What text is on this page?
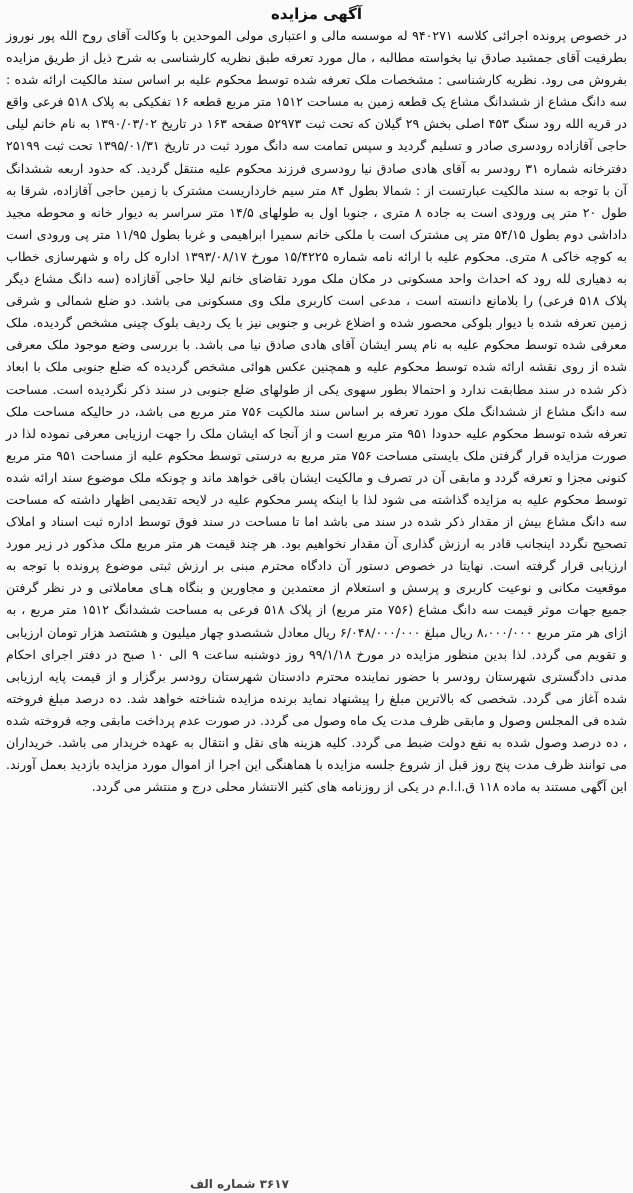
آگهی مزایده

در خصوص پرونده اجرائی کلاسه ۹۴۰۲۷۱ له موسسه مالی و اعتباری مولی الموحدین با وکالت آقای روح الله پور نوروز بطرفیت آقای جمشید صادق نیا بخواسته مطالبه ، مال مورد تعرفه طبق نظریه کارشناسی به شرح ذیل از طریق مزایده بفروش می رود. نظریه کارشناسی : مشخصات ملک تعرفه شده توسط محکوم علیه بر اساس سند مالکیت ارائه شده : سه دانگ مشاع از ششدانگ مشاع یک قطعه زمین به مساحت ۱۵۱۲ متر مربع قطعه ۱۶ تفکیکی به پلاک ۵۱۸ فرعی واقع در قریه الله رود سنگ ۴۵۳ اصلی بخش ۲۹ گیلان که تحت ثبت ۵۲۹۷۳ صفحه ۱۶۳ در تاریخ ۱۳۹۰/۰۳/۰۲ به نام خانم لیلی حاجی آقازاده رودسری صادر و تسلیم گردید و سپس تمامت سه دانگ مورد ثبت در تاریخ ۱۳۹۵/۰۱/۳۱ تحت ثبت ۲۵۱۹۹ دفترخانه شماره ۳۱ رودسر به آقای هادی صادق نیا رودسری فرزند محکوم علیه منتقل گردید. که حدود اربعه ششدانگ آن با توجه به سند مالکیت عبارتست از : شمالا بطول ۸۴ متر سیم خارداریست مشترک با زمین حاجی آقازاده، شرقا به طول ۲۰ متر پی ورودی است به جاده ۸ متری ، جنوبا اول به طولهای ۱۴/۵ متر سراسر به دیوار خانه و محوطه مجید داداشی دوم بطول ۵۴/۱۵ متر پی مشترک است با ملکی خانم سمیرا ابراهیمی و غربا بطول ۱۱/۹۵ متر پی ورودی است به کوچه خاکی ۸ متری. محکوم علیه با ارائه نامه شماره ۱۵/۴۲۲۵ مورخ ۱۳۹۳/۰۸/۱۷ اداره کل راه و شهرسازی خطاب به دهیاری لله رود که احداث واحد مسکونی در مکان ملک مورد تقاضای خانم لیلا حاجی آقازاده (سه دانگ مشاع دیگر پلاک ۵۱۸ فرعی) را بلامانع دانسته است ، مدعی است کاربری ملک وی مسکونی می باشد. دو ضلع شمالی و شرقی زمین تعرفه شده با دیوار بلوکی محصور شده و اضلاع غربی و جنوبی نیز با یک ردیف بلوک چینی مشخص گردیده. ملک معرفی شده توسط محکوم علیه به نام پسر ایشان آقای هادی صادق نیا می باشد. با بررسی وضع موجود ملک معرفی شده از روی نقشه ارائه شده توسط محکوم علیه و همچنین عکس هوائی مشخص گردیده که ضلع جنوبی ملک با ابعاد ذکر شده در سند مطابقت ندارد و احتمالا بطور سهوی یکی از طولهای ضلع جنوبی در سند ذکر نگردیده است. مساحت سه دانگ مشاع از ششدانگ ملک مورد تعرفه بر اساس سند مالکیت ۷۵۶ متر مربع می باشد، در حالیکه مساحت ملک تعرفه شده توسط محکوم علیه حدودا ۹۵۱ متر مربع است و از آنجا که ایشان ملک را جهت ارزیابی معرفی نموده لذا در صورت مزایده قرار گرفتن ملک بایستی مساحت ۷۵۶ متر مربع به درستی توسط محکوم علیه از مساحت ۹۵۱ متر مربع کنونی مجزا و تعرفه گردد و مابقی آن در تصرف و مالکیت ایشان باقی خواهد ماند و چونکه ملک موضوع سند ارائه شده توسط محکوم علیه به مزایده گذاشته می شود لذا با اینکه پسر محکوم علیه در لایحه تقدیمی اظهار داشته که مساحت سه دانگ مشاع بیش از مقدار ذکر شده در سند می باشد اما تا مساحت در سند فوق توسط اداره ثبت اسناد و املاک تصحیح نگردد اینجانب قادر به ارزش گذاری آن مقدار نخواهیم بود. هر چند قیمت هر متر مربع ملک مذکور در زیر مورد ارزیابی قرار گرفته است. نهایتا در خصوص دستور آن دادگاه محترم مبنی بر ارزش ثبتی موضوع پرونده با توجه به موقعیت مکانی و نوعیت کاربری و پرسش و استعلام از معتمدین و مجاورین و بنگاه هـای معاملاتی و در نظر گرفتن جمیع جهات موثر قیمت سه دانگ مشاع (۷۵۶ متر مربع) از پلاک ۵۱۸ فرعی به مساحت ششدانگ ۱۵۱۲ متر مربع ، به ازای هر متر مربع ۸،۰۰۰/۰۰۰ ریال مبلغ ۶/۰۴۸/۰۰۰/۰۰۰ ریال معادل ششصدو چهار میلیون و هشتصد هزار تومان ارزیابی و تقویم می گردد. لذا بدین منظور مزایده در مورخ ۹۹/۱/۱۸ روز دوشنبه ساعت ۹ الی ۱۰ صبح در دفتر اجرای احکام مدنی دادگستری شهرستان رودسر با حضور نماینده محترم دادستان شهرستان رودسر برگزار و از قیمت پایه ارزیابی شده آغاز می گردد. شخصی که بالاترین مبلغ را پیشنهاد نماید برنده مزایده شناخته خواهد شد. ده درصد مبلغ فروخته شده فی المجلس وصول و مابقی ظرف مدت یک ماه وصول می گردد. در صورت عدم پرداخت مابقی وجه فروخته شده ، ده درصد وصول شده به نفع دولت ضبط می گردد. کلیه هزینه های نقل و انتقال به عهده خریدار می باشد. خریداران می توانند ظرف مدت پنج روز قبل از شروع جلسه مزایده با هماهنگی این اجرا از اموال مورد مزایده بازدید بعمل آورند. این آگهی مستند به ماده ۱۱۸ ق.ا.ا.م در یکی از روزنامه های کثیر الانتشار محلی درج و منتشر می گردد.

۳۶۱۷ شماره الف
